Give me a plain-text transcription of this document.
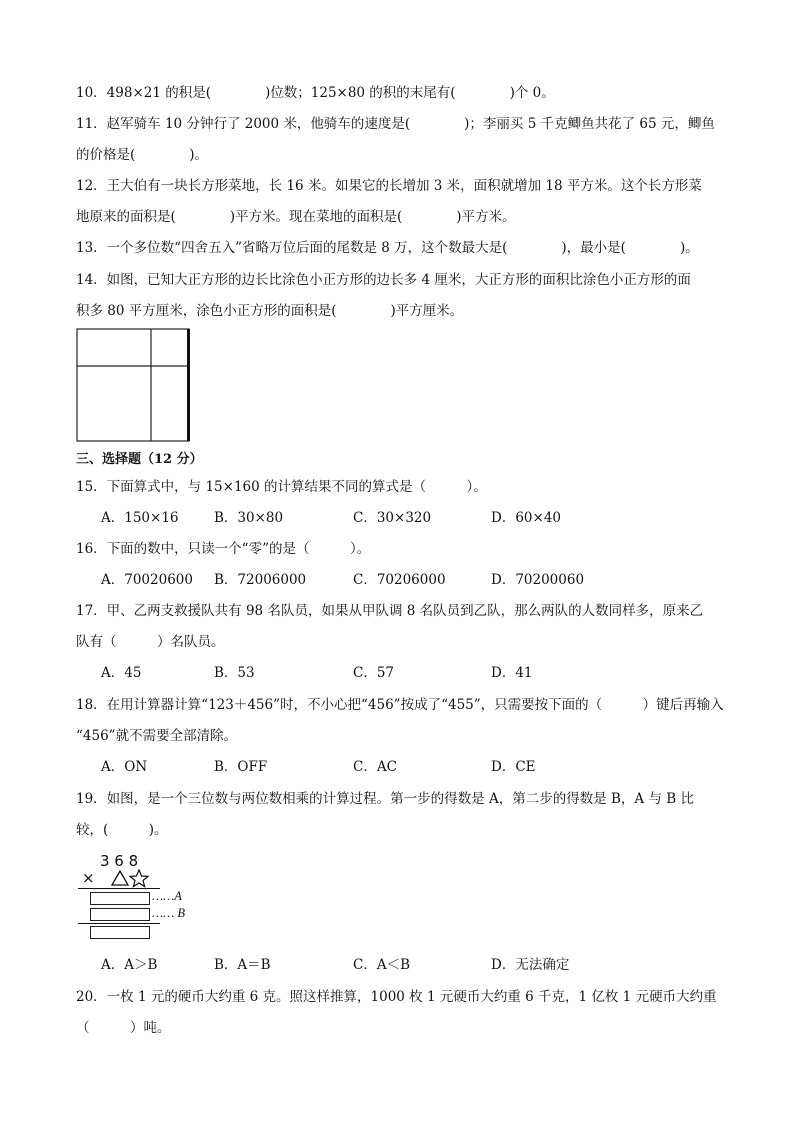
10．498×21 的积是(　　　　)位数；125×80 的积的末尾有(　　　　)个 0。
11．赵军骑车 10 分钟行了 2000 米，他骑车的速度是(　　　　)；李丽买 5 千克鲫鱼共花了 65 元，鲫鱼
的价格是(　　　　)。
12．王大伯有一块长方形菜地，长 16 米。如果它的长增加 3 米，面积就增加 18 平方米。这个长方形菜
地原来的面积是(　　　　)平方米。现在菜地的面积是(　　　　)平方米。
13．一个多位数“四舍五入”省略万位后面的尾数是 8 万，这个数最大是(　　　　)，最小是(　　　　)。
14．如图，已知大正方形的边长比涂色小正方形的边长多 4 厘米，大正方形的面积比涂色小正方形的面
积多 80 平方厘米，涂色小正方形的面积是(　　　　)平方厘米。
三、选择题（12 分）
15．下面算式中，与 15×160 的计算结果不同的算式是（　　　）。
A．150×16	B．30×80	C．30×320	D．60×40
16．下面的数中，只读一个“零”的是（　　　）。
A．70020600 B．72006000	C．70206000	D．70200060
17．甲、乙两支救援队共有 98 名队员，如果从甲队调 8 名队员到乙队，那么两队的人数同样多，原来乙
队有（　　　）名队员。
A．45	B．53	C．57	D．41
18．在用计算器计算“123＋456”时，不小心把“456”按成了“455”，只需要按下面的（　　　）键后再输入
“456”就不需要全部清除。
A．ON	B．OFF	C．AC	D．CE
19．如图，是一个三位数与两位数相乘的计算过程。第一步的得数是 A，第二步的得数是 B，A 与 B 比
较，(　　　)。
3 6 8
×
……A
…… B
A．A＞B	B．A＝B	C．A＜B	D．无法确定
20．一枚 1 元的硬币大约重 6 克。照这样推算，1000 枚 1 元硬币大约重 6 千克，1 亿枚 1 元硬币大约重
（　　　）吨。
